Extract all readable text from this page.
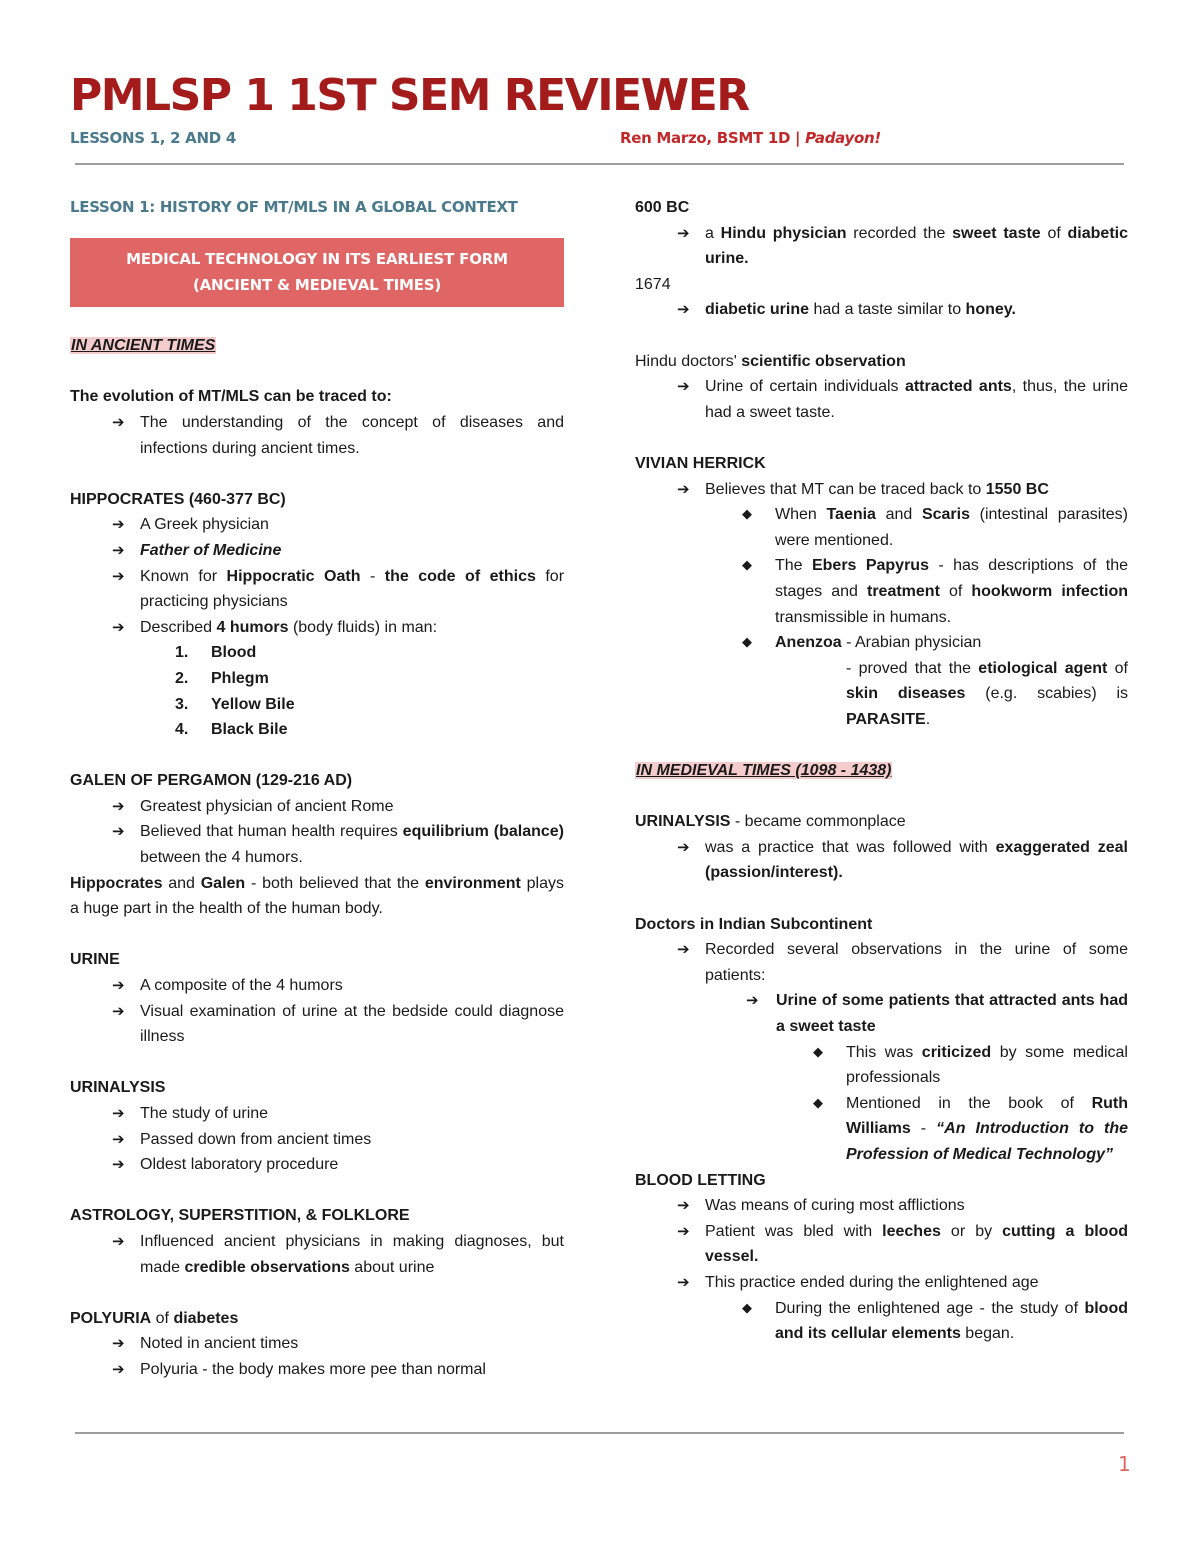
PMLSP 1 1ST SEM REVIEWER
LESSONS 1, 2 AND 4	Ren Marzo, BSMT 1D | Padayon!
LESSON 1: HISTORY OF MT/MLS IN A GLOBAL CONTEXT
MEDICAL TECHNOLOGY IN ITS EARLIEST FORM
(ANCIENT & MEDIEVAL TIMES)

IN ANCIENT TIMES

The evolution of MT/MLS can be traced to:

➔ The understanding of the concept of diseases and infections during ancient times.

HIPPOCRATES (460-377 BC)

➔ A Greek physician
➔ Father of Medicine
➔ Known for Hippocratic Oath - the code of ethics for practicing physicians
➔ Described 4 humors (body fluids) in man:
1. Blood
2. Phlegm
3. Yellow Bile
4. Black Bile

GALEN OF PERGAMON (129-216 AD)

➔ Greatest physician of ancient Rome
➔ Believed that human health requires equilibrium (balance) between the 4 humors.

Hippocrates and Galen - both believed that the environment plays a huge part in the health of the human body.

URINE

➔ A composite of the 4 humors
➔ Visual examination of urine at the bedside could diagnose illness

URINALYSIS

➔ The study of urine
➔ Passed down from ancient times
➔ Oldest laboratory procedure

ASTROLOGY, SUPERSTITION, & FOLKLORE

➔ Influenced ancient physicians in making diagnoses, but made credible observations about urine

POLYURIA of diabetes

➔ Noted in ancient times
➔ Polyuria - the body makes more pee than normal

600 BC

➔ a Hindu physician recorded the sweet taste of diabetic urine.

1674

➔ diabetic urine had a taste similar to honey.

Hindu doctors' scientific observation

➔ Urine of certain individuals attracted ants, thus, the urine had a sweet taste.

VIVIAN HERRICK

➔ Believes that MT can be traced back to 1550 BC
◆ When Taenia and Scaris (intestinal parasites) were mentioned.
◆ The Ebers Papyrus - has descriptions of the stages and treatment of hookworm infection transmissible in humans.
◆ Anenzoa - Arabian physician
- proved that the etiological agent of skin diseases (e.g. scabies) is PARASITE.

IN MEDIEVAL TIMES (1098 - 1438)

URINALYSIS - became commonplace

➔ was a practice that was followed with exaggerated zeal (passion/interest).

Doctors in Indian Subcontinent

➔ Recorded several observations in the urine of some patients:
➔ Urine of some patients that attracted ants had a sweet taste
◆ This was criticized by some medical professionals
◆ Mentioned in the book of Ruth Williams - “An Introduction to the Profession of Medical Technology”

BLOOD LETTING

➔ Was means of curing most afflictions
➔ Patient was bled with leeches or by cutting a blood vessel.
➔ This practice ended during the enlightened age
◆ During the enlightened age - the study of blood and its cellular elements began.
1
